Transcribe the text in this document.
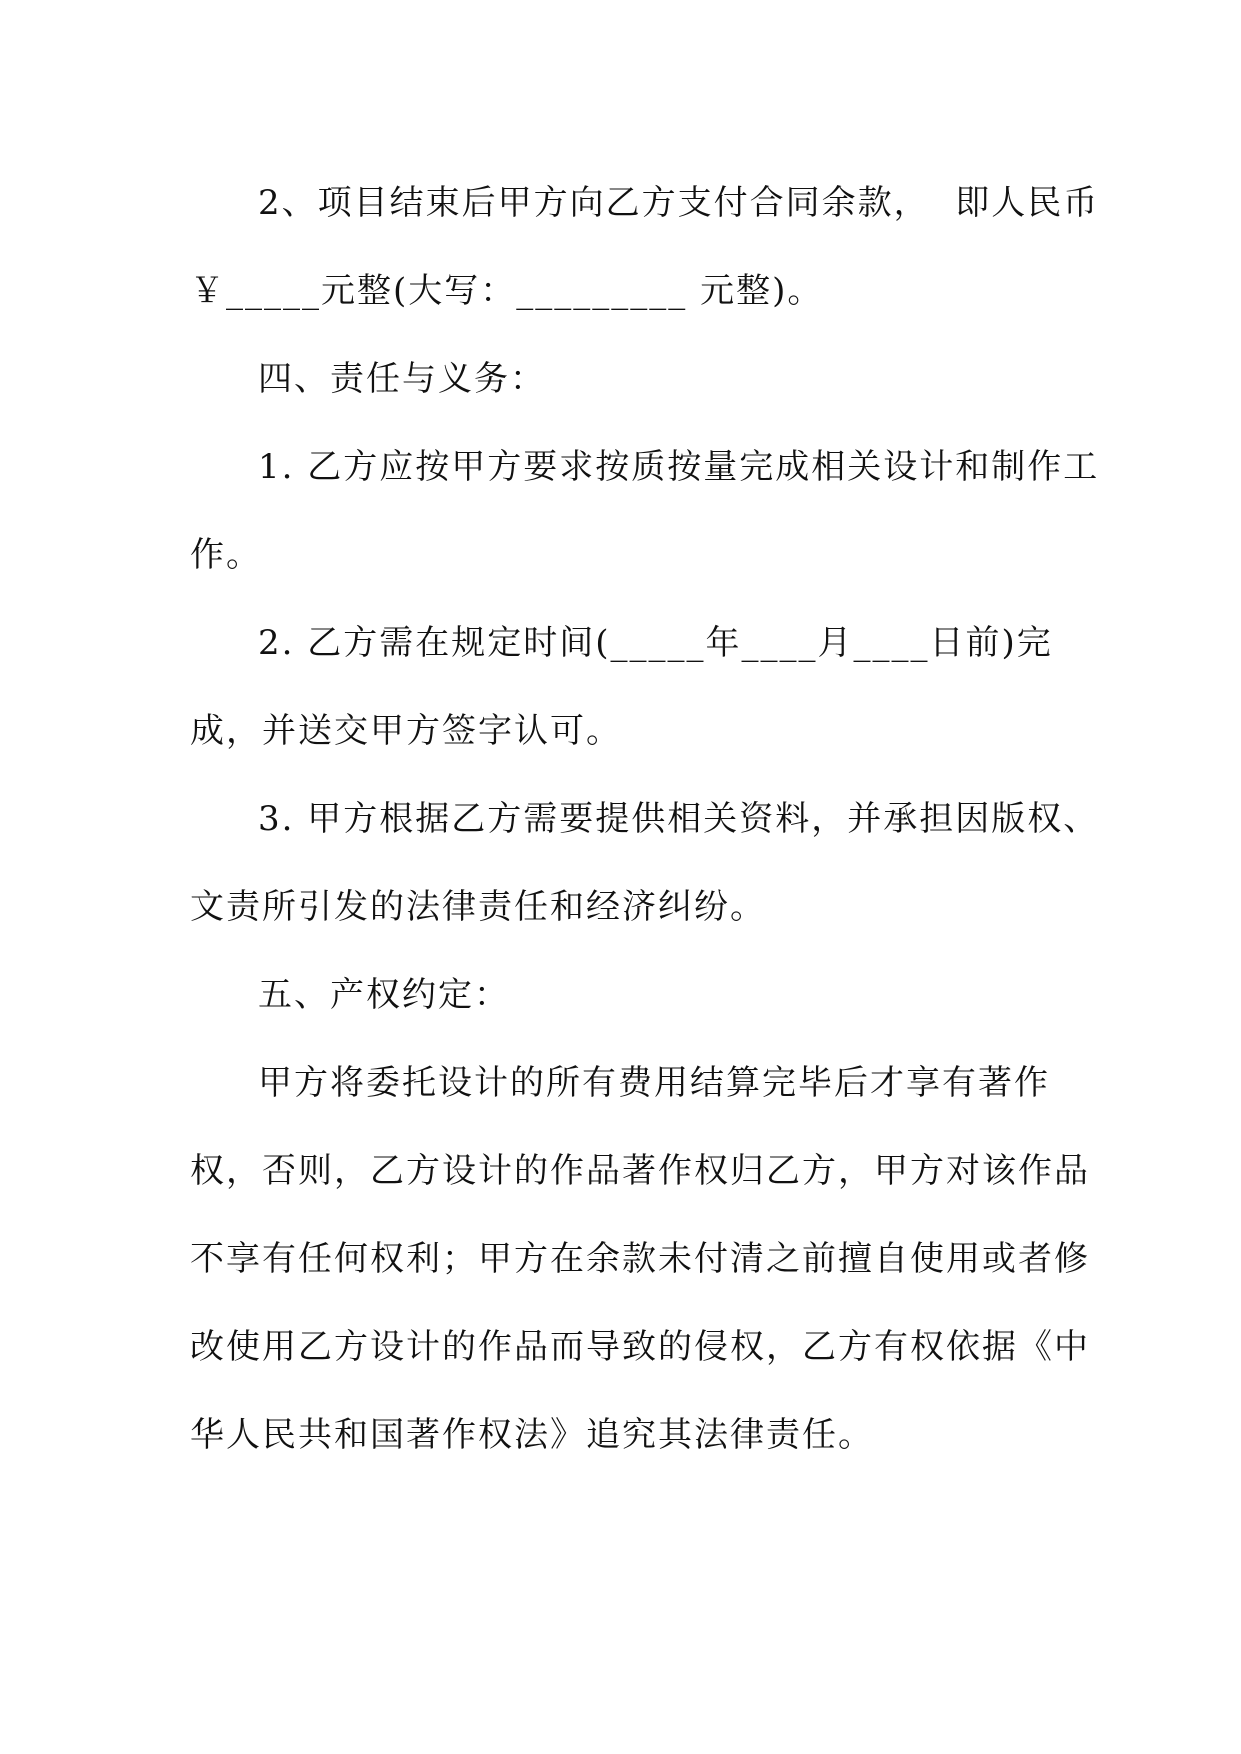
2、项目结束后甲方向乙方支付合同余款，  即人民币
￥_____元整(大写：_________ 元整)。
四、责任与义务：
1. 乙方应按甲方要求按质按量完成相关设计和制作工
作。
2. 乙方需在规定时间(_____年____月____日前)完
成，并送交甲方签字认可。
3. 甲方根据乙方需要提供相关资料，并承担因版权、
文责所引发的法律责任和经济纠纷。
五、产权约定：
甲方将委托设计的所有费用结算完毕后才享有著作
权，否则，乙方设计的作品著作权归乙方，甲方对该作品
不享有任何权利；甲方在余款未付清之前擅自使用或者修
改使用乙方设计的作品而导致的侵权，乙方有权依据《中
华人民共和国著作权法》追究其法律责任。
